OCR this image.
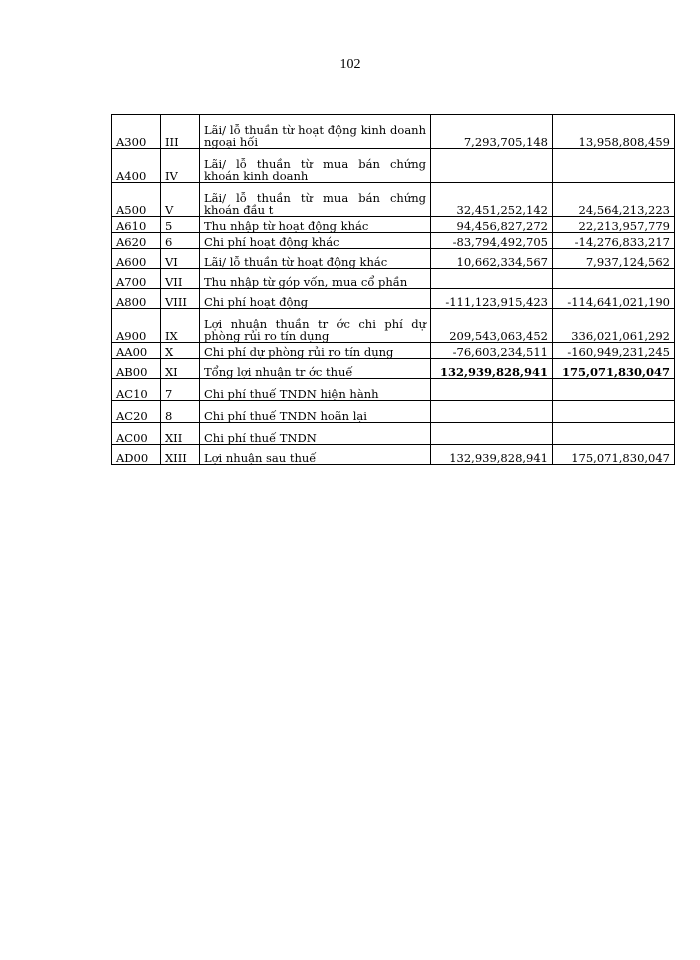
102
A300	III	Lãi/ lỗ thuần từ hoạt động kinh doanh ngoại hối	7,293,705,148	13,958,808,459
A400	IV	Lãi/ lỗ thuần từ mua bán chứng khoán kinh doanh		

A500	V	Lãi/ lỗ thuần từ mua bán chứng khoán đầu t	32,451,252,142	24,564,213,223
A610	5	Thu nhập từ hoạt động khác	94,456,827,272	22,213,957,779
A620	6	Chi phí hoạt động khác	-83,794,492,705	-14,276,833,217
A600	VI	Lãi/ lỗ thuần từ hoạt động khác	10,662,334,567	7,937,124,562
A700	VII	Thu nhập từ góp vốn, mua cổ phần		

A800	VIII	Chi phí hoạt động	-111,123,915,423	-114,641,021,190
A900	IX	Lợi nhuận thuần tr ớc chi phí dự phòng rủi ro tín dụng	209,543,063,452	336,021,061,292
AA00	X	Chi phí dự phòng rủi ro tín dụng	-76,603,234,511	-160,949,231,245
AB00	XI	Tổng lợi nhuận tr ớc thuế	132,939,828,941	175,071,830,047
AC10	7	Chi phí thuế TNDN hiện hành		

AC20	8	Chi phí thuế TNDN hoãn lại		

AC00	XII	Chi phí thuế TNDN		

AD00	XIII	Lợi nhuận sau thuế	132,939,828,941	175,071,830,047
